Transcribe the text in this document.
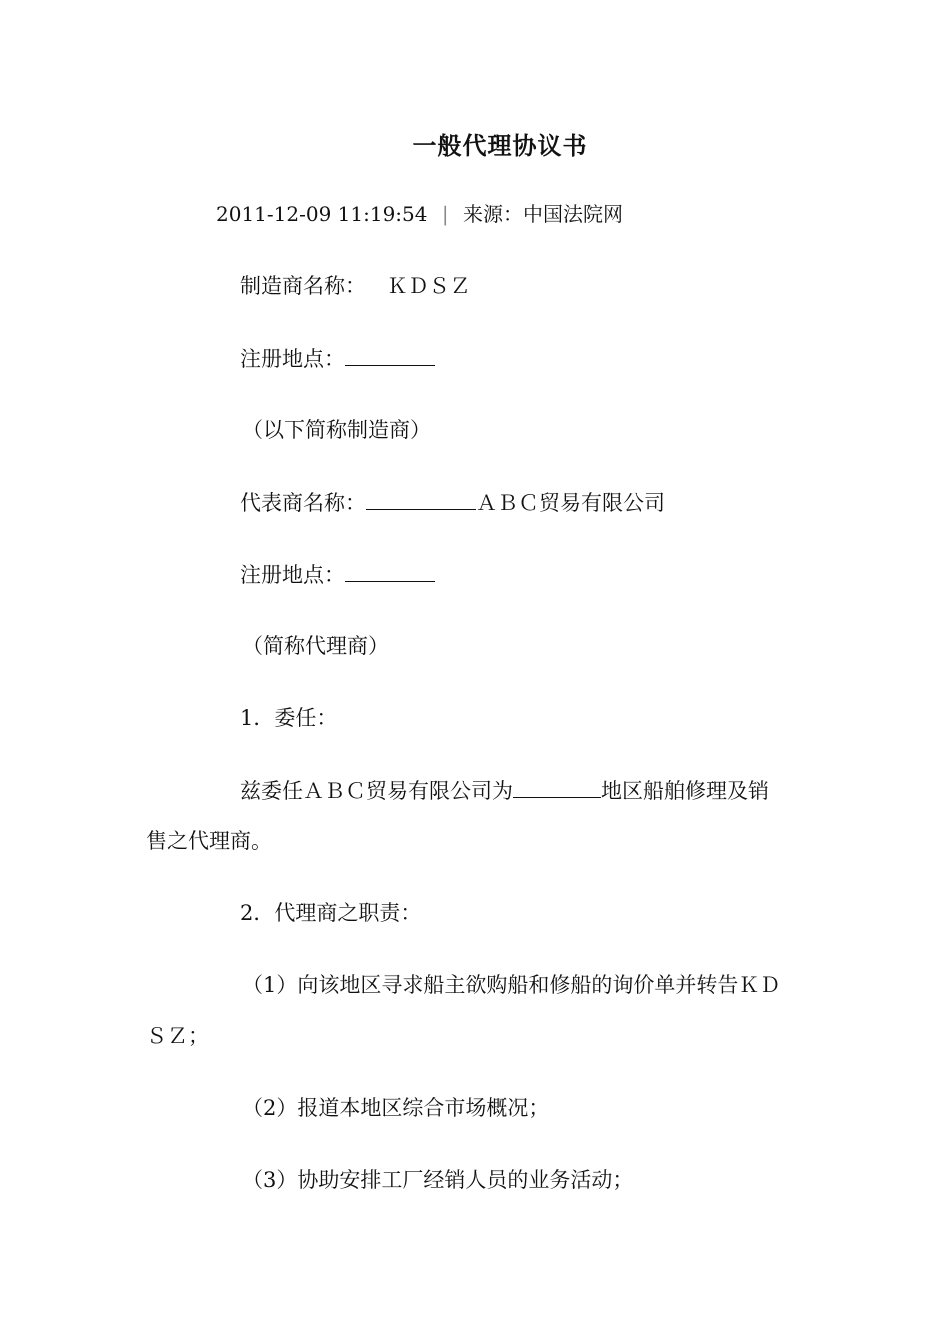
一般代理协议书
2011-12-09 11:19:54 | 来源：中国法院网
制造商名称： ＫＤＳＺ
注册地点：
（以下简称制造商）
代表商名称：	ＡＢＣ贸易有限公司
注册地点：
（简称代理商）
1．委任：
兹委任ＡＢＣ贸易有限公司为	地区船舶修理及销
售之代理商。
2．代理商之职责：
（1）向该地区寻求船主欲购船和修船的询价单并转告ＫＤ
ＳＺ；
（2）报道本地区综合市场概况；
（3）协助安排工厂经销人员的业务活动；
